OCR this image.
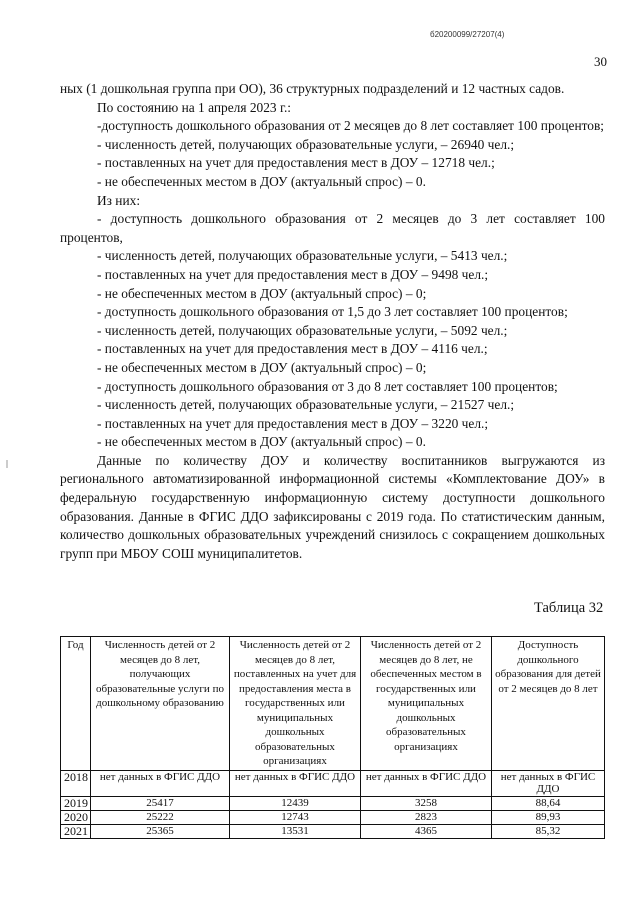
б20200099/27207(4)
30

ных (1 дошкольная группа при ОО), 36 структурных подразделений и 12 частных садов.

По состоянию на 1 апреля 2023 г.:

-доступность дошкольного образования от 2 месяцев до 8 лет составляет 100 процентов;

- численность детей, получающих образовательные услуги, – 26940 чел.;

- поставленных на учет для предоставления мест в ДОУ – 12718 чел.;

- не обеспеченных местом в ДОУ (актуальный спрос) – 0.

Из них:

- доступность дошкольного образования от 2 месяцев до 3 лет составляет 100 процентов,

- численность детей, получающих образовательные услуги, – 5413 чел.;

- поставленных на учет для предоставления мест в ДОУ – 9498 чел.;

- не обеспеченных местом в ДОУ (актуальный спрос) – 0;

- доступность дошкольного образования от 1,5 до 3 лет составляет 100 процентов;

- численность детей, получающих образовательные услуги, – 5092 чел.;

- поставленных на учет для предоставления мест в ДОУ – 4116 чел.;

- не обеспеченных местом в ДОУ (актуальный спрос) – 0;

- доступность дошкольного образования от 3 до 8 лет составляет 100 процентов;

- численность детей, получающих образовательные услуги, – 21527 чел.;

- поставленных на учет для предоставления мест в ДОУ – 3220 чел.;

- не обеспеченных местом в ДОУ (актуальный спрос) – 0.

Данные по количеству ДОУ и количеству воспитанников выгружаются из регионального автоматизированной информационной системы «Комплектование ДОУ» в федеральную государственную информационную систему доступности дошкольного образования. Данные в ФГИС ДДО зафиксированы с 2019 года. По статистическим данным, количество дошкольных образовательных учреждений снизилось с сокращением дошкольных групп при МБОУ СОШ муниципалитетов.

Таблица 32
Год	Численность детей от 2 месяцев до 8 лет, получающих образовательные услуги по дошкольному образованию	Численность детей от 2 месяцев до 8 лет, поставленных на учет для предоставления места в государственных или муниципальных дошкольных образовательных организациях	Численность детей от 2 месяцев до 8 лет, не обеспеченных местом в государственных или муниципальных дошкольных образовательных организациях	Доступность дошкольного образования для детей от 2 месяцев до 8 лет
2018	нет данных в ФГИС ДДО	нет данных в ФГИС ДДО	нет данных в ФГИС ДДО	нет данных в ФГИС ДДО
2019	25417	12439	3258	88,64
2020	25222	12743	2823	89,93
2021	25365	13531	4365	85,32
